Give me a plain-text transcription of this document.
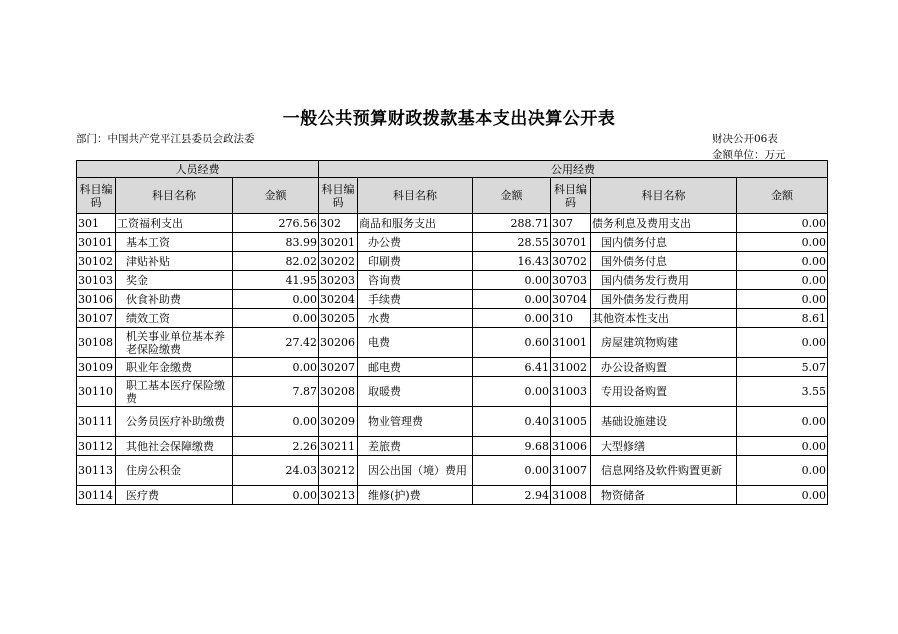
一般公共预算财政拨款基本支出决算公开表
部门：中国共产党平江县委员会政法委	财决公开06表
金额单位：万元
人员经费			公用经费					
科目编码	科目名称	金额	科目编码	科目名称	金额	科目编码	科目名称	金额
301	工资福利支出	276.56	302	商品和服务支出	288.71	307	债务利息及费用支出	0.00
30101	基本工资	83.99	30201	办公费	28.55	30701	国内债务付息	0.00
30102	津贴补贴	82.02	30202	印刷费	16.43	30702	国外债务付息	0.00
30103	奖金	41.95	30203	咨询费	0.00	30703	国内债务发行费用	0.00
30106	伙食补助费	0.00	30204	手续费	0.00	30704	国外债务发行费用	0.00
30107	绩效工资	0.00	30205	水费	0.00	310	其他资本性支出	8.61
30108	机关事业单位基本养老保险缴费	27.42	30206	电费	0.60	31001	房屋建筑物购建	0.00
30109	职业年金缴费	0.00	30207	邮电费	6.41	31002	办公设备购置	5.07
30110	职工基本医疗保险缴费	7.87	30208	取暖费	0.00	31003	专用设备购置	3.55
30111	公务员医疗补助缴费	0.00	30209	物业管理费	0.40	31005	基础设施建设	0.00
30112	其他社会保障缴费	2.26	30211	差旅费	9.68	31006	大型修缮	0.00
30113	住房公积金	24.03	30212	因公出国（境）费用	0.00	31007	信息网络及软件购置更新	0.00
30114	医疗费	0.00	30213	维修(护)费	2.94	31008	物资储备	0.00
